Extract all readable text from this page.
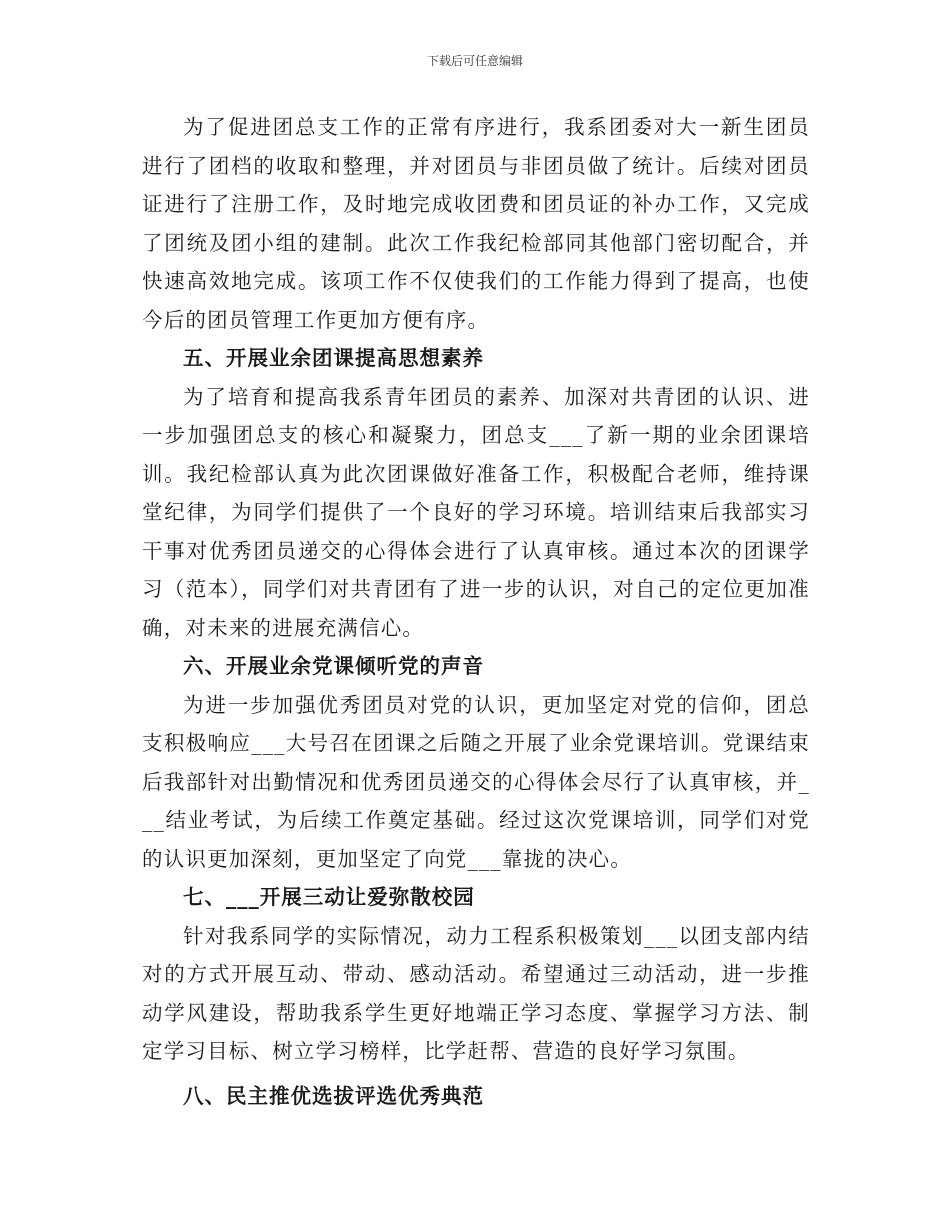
下载后可任意编辑

为了促进团总支工作的正常有序进行，我系团委对大一新生团员进行了团档的收取和整理，并对团员与非团员做了统计。后续对团员证进行了注册工作，及时地完成收团费和团员证的补办工作，又完成了团统及团小组的建制。此次工作我纪检部同其他部门密切配合，并快速高效地完成。该项工作不仅使我们的工作能力得到了提高，也使今后的团员管理工作更加方便有序。

五、开展业余团课提高思想素养

为了培育和提高我系青年团员的素养、加深对共青团的认识、进一步加强团总支的核心和凝聚力，团总支___了新一期的业余团课培训。我纪检部认真为此次团课做好准备工作，积极配合老师，维持课堂纪律，为同学们提供了一个良好的学习环境。培训结束后我部实习干事对优秀团员递交的心得体会进行了认真审核。通过本次的团课学习（范本），同学们对共青团有了进一步的认识，对自己的定位更加准确，对未来的进展充满信心。

六、开展业余党课倾听党的声音

为进一步加强优秀团员对党的认识，更加坚定对党的信仰，团总支积极响应___大号召在团课之后随之开展了业余党课培训。党课结束后我部针对出勤情况和优秀团员递交的心得体会尽行了认真审核，并___结业考试，为后续工作奠定基础。经过这次党课培训，同学们对党的认识更加深刻，更加坚定了向党___靠拢的决心。

七、___开展三动让爱弥散校园

针对我系同学的实际情况，动力工程系积极策划___以团支部内结对的方式开展互动、带动、感动活动。希望通过三动活动，进一步推动学风建设，帮助我系学生更好地端正学习态度、掌握学习方法、制定学习目标、树立学习榜样，比学赶帮、营造的良好学习氛围。

八、民主推优选拔评选优秀典范
